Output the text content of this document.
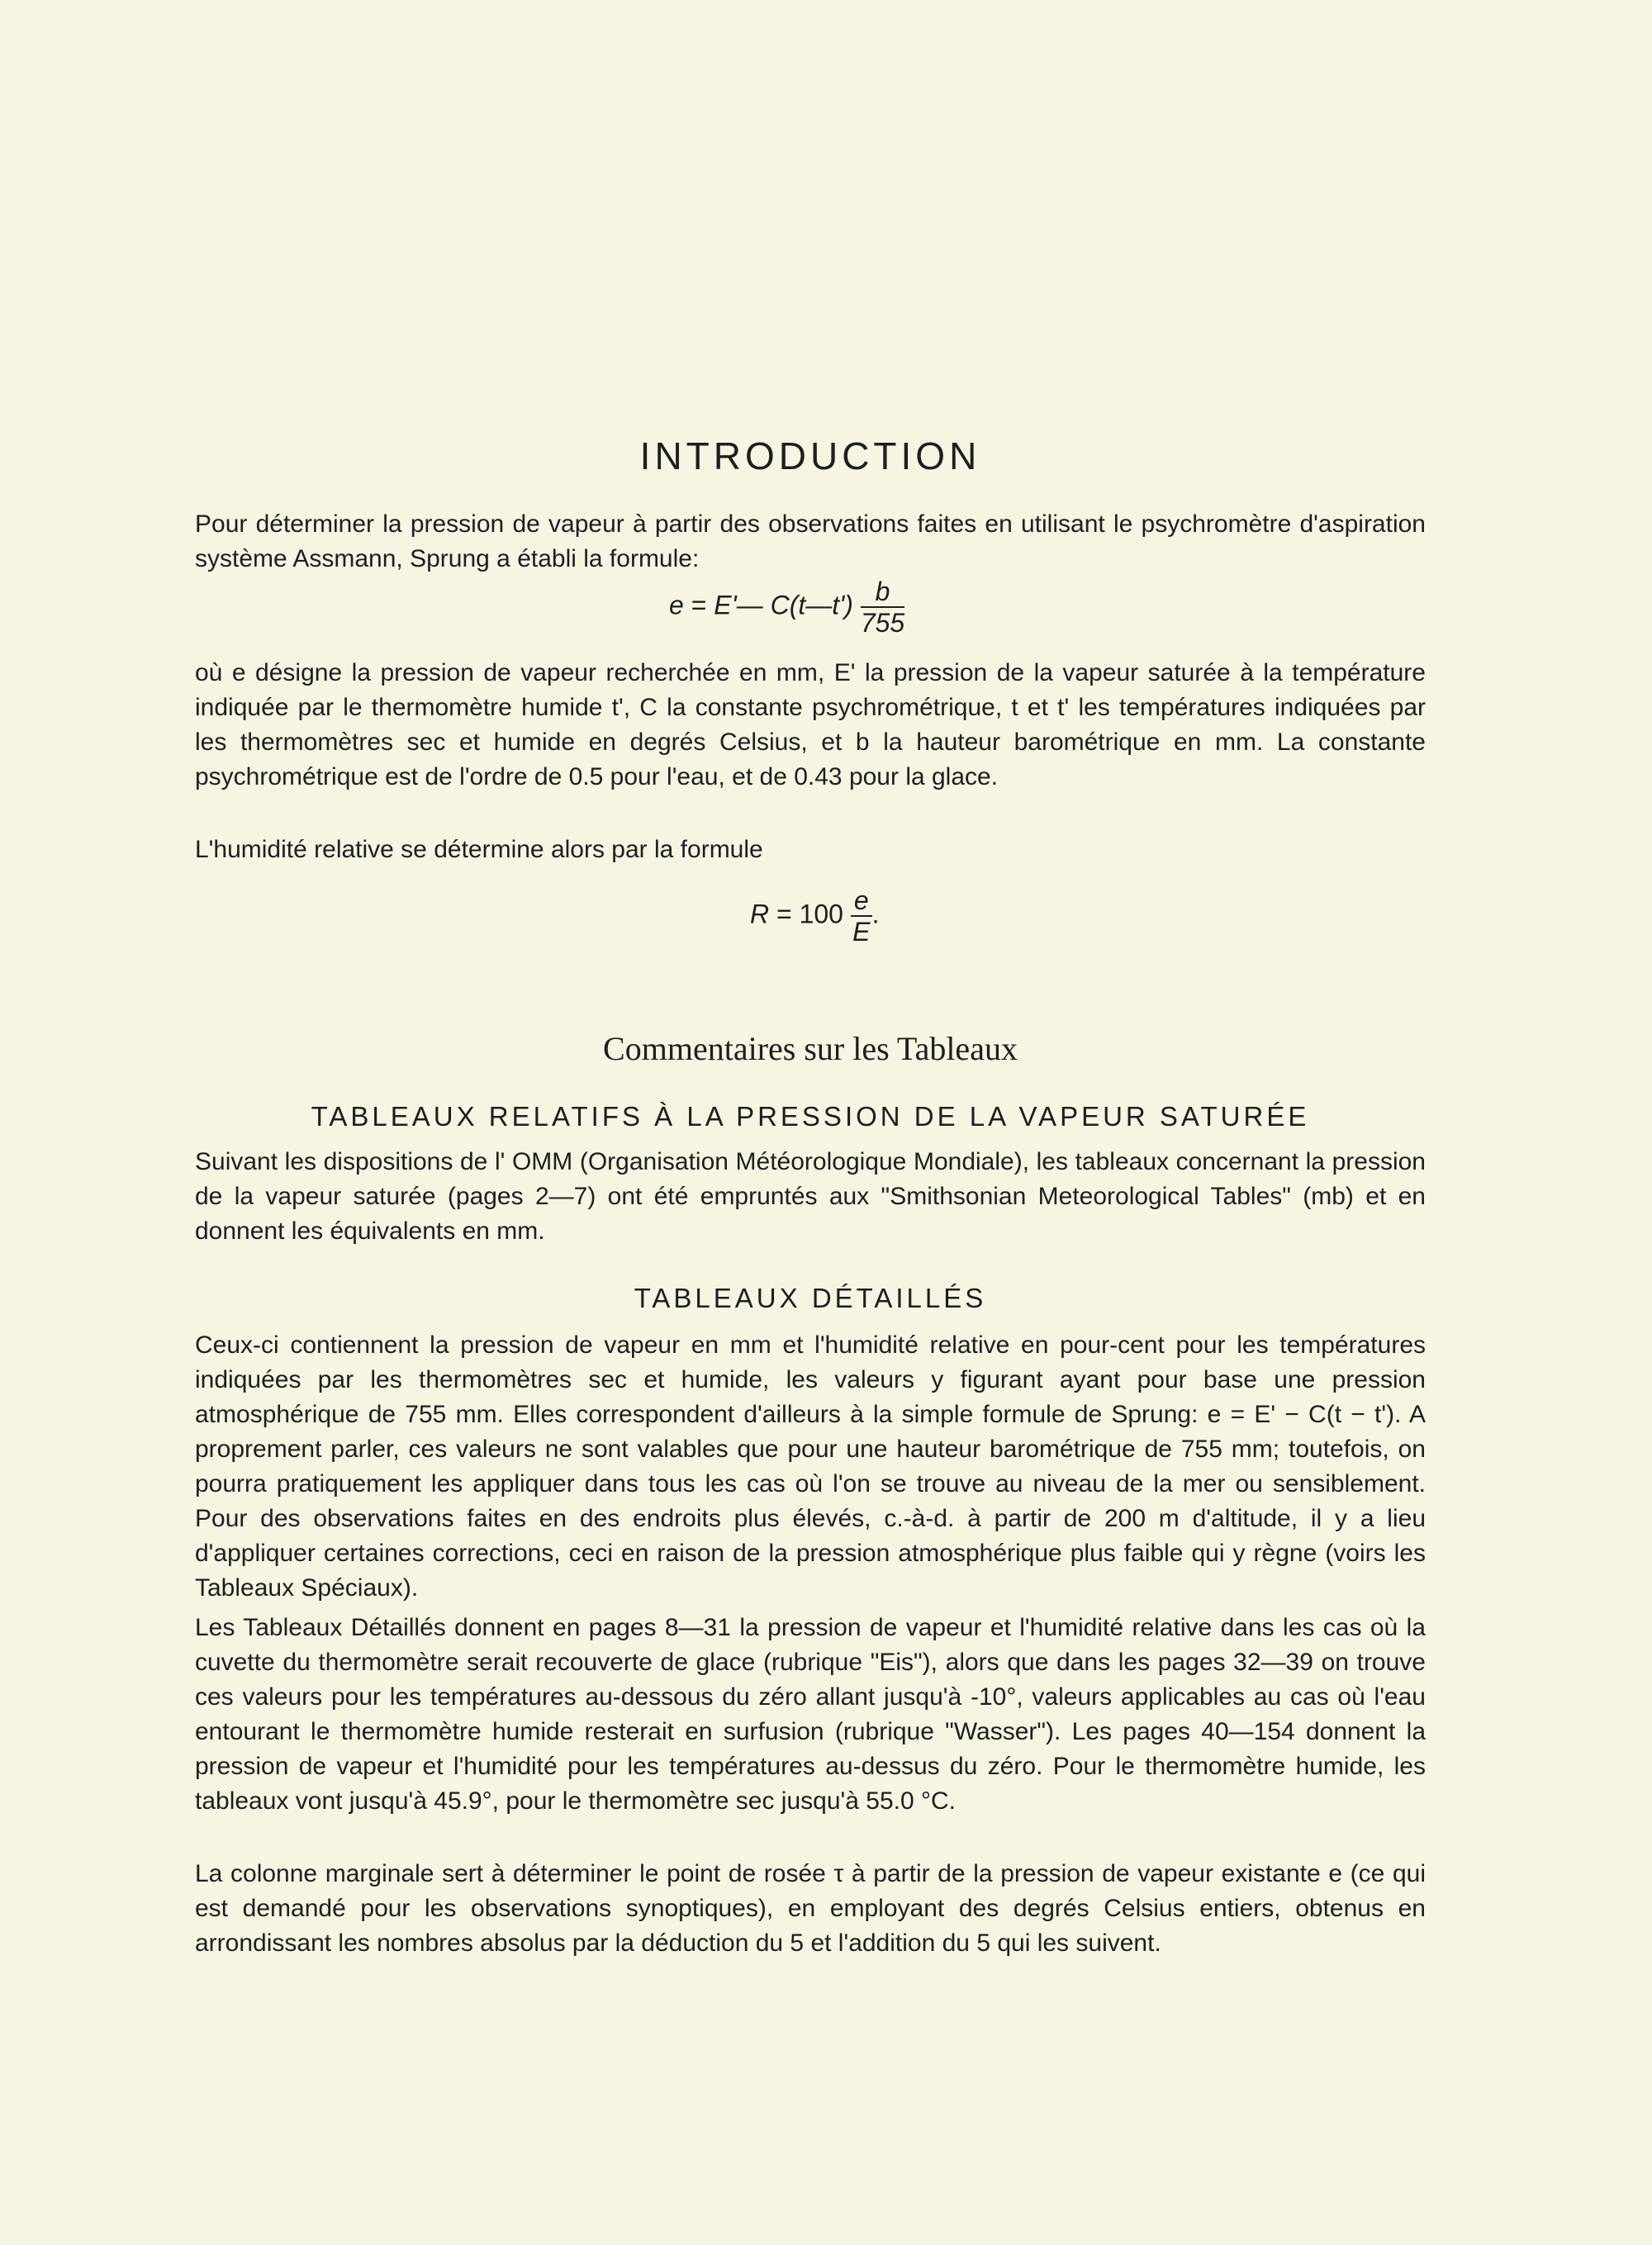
INTRODUCTION

Pour déterminer la pression de vapeur à partir des observations faites en utilisant le psychromètre d'aspiration système Assmann, Sprung a établi la formule:

e = E'— C(t—t') $\frac{b}{755}$

où e désigne la pression de vapeur recherchée en mm, E' la pression de la vapeur saturée à la température indiquée par le thermomètre humide t', C la constante psychrométrique, t et t' les températures indiquées par les thermomètres sec et humide en degrés Celsius, et b la hauteur barométrique en mm. La constante psychrométrique est de l'ordre de 0.5 pour l'eau, et de 0.43 pour la glace.

L'humidité relative se détermine alors par la formule

$R = 100 \frac{e}{E}$ .
Commentaires sur les Tableaux
TABLEAUX RELATIFS À LA PRESSION DE LA VAPEUR SATURÉE

Suivant les dispositions de l' OMM (Organisation Météorologique Mondiale), les tableaux concernant la pression de la vapeur saturée (pages 2—7) ont été empruntés aux "Smithsonian Meteorological Tables" (mb) et en donnent les équivalents en mm.

TABLEAUX DÉTAILLÉS

Ceux-ci contiennent la pression de vapeur en mm et l'humidité relative en pour-cent pour les températures indiquées par les thermomètres sec et humide, les valeurs y figurant ayant pour base une pression atmosphérique de 755 mm. Elles correspondent d'ailleurs à la simple formule de Sprung: e = E' − C(t − t'). A proprement parler, ces valeurs ne sont valables que pour une hauteur barométrique de 755 mm; toutefois, on pourra pratiquement les appliquer dans tous les cas où l'on se trouve au niveau de la mer ou sensiblement. Pour des observations faites en des endroits plus élevés, c.-à-d. à partir de 200 m d'altitude, il y a lieu d'appliquer certaines corrections, ceci en raison de la pression atmosphérique plus faible qui y règne (voirs les Tableaux Spéciaux).

Les Tableaux Détaillés donnent en pages 8—31 la pression de vapeur et l'humidité relative dans les cas où la cuvette du thermomètre serait recouverte de glace (rubrique "Eis"), alors que dans les pages 32—39 on trouve ces valeurs pour les températures au-dessous du zéro allant jusqu'à -10°, valeurs applicables au cas où l'eau entourant le thermomètre humide resterait en surfusion (rubrique "Wasser"). Les pages 40—154 donnent la pression de vapeur et l'humidité pour les températures au-dessus du zéro. Pour le thermomètre humide, les tableaux vont jusqu'à 45.9°, pour le thermomètre sec jusqu'à 55.0 °C.

La colonne marginale sert à déterminer le point de rosée τ à partir de la pression de vapeur existante e (ce qui est demandé pour les observations synoptiques), en employant des degrés Celsius entiers, obtenus en arrondissant les nombres absolus par la déduction du 5 et l'addition du 5 qui les suivent.
